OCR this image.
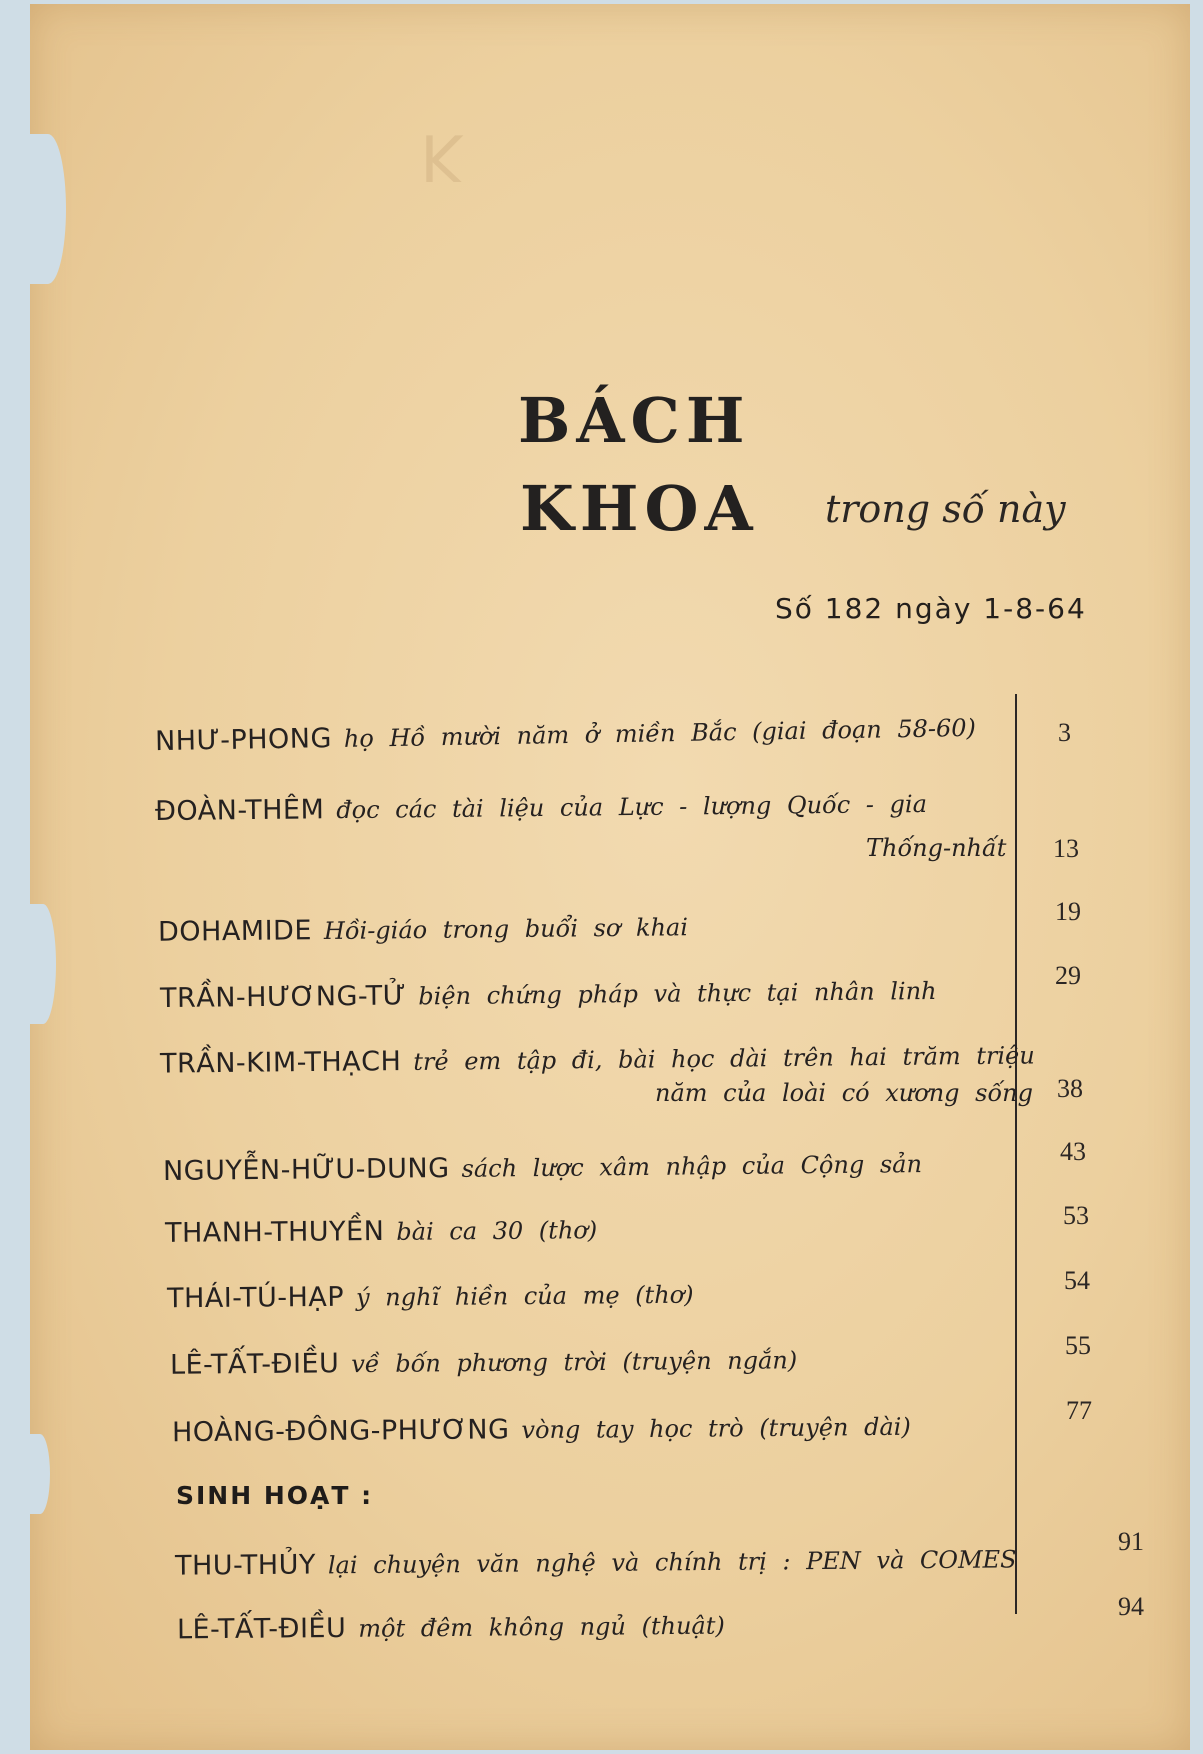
ꓘ
BÁCH
KHOA trong số này
Số 182 ngày 1-8-64
NHƯ-PHONG họ Hồ mười năm ở miền Bắc (giai đoạn 58-60)	3
ĐOÀN-THÊM đọc các tài liệu của Lực - lượng Quốc - gia
Thống-nhất 13
DOHAMIDE Hồi-giáo trong buổi sơ khai
19
TRẦN-HƯƠNG-TỬ biện chứng pháp và thực tại nhân linh
29
TRẦN-KIM-THẠCH trẻ em tập đi, bài học dài trên hai trăm triệu
năm của loài có xương sống 38
NGUYỄN-HỮU-DUNG sách lược xâm nhập của Cộng sản	43
THANH-THUYỀN bài ca 30 (thơ)
53
THÁI-TÚ-HẠP ý nghĩ hiền của mẹ (thơ)
54
LÊ-TẤT-ĐIỀU về bốn phương trời (truyện ngắn)
55
HOÀNG-ĐÔNG-PHƯƠNG vòng tay học trò (truyện dài)
77
SINH HOẠT :
THU-THỦY lại chuyện văn nghệ và chính trị : PEN và COMES
91
LÊ-TẤT-ĐIỀU một đêm không ngủ (thuật)
94
